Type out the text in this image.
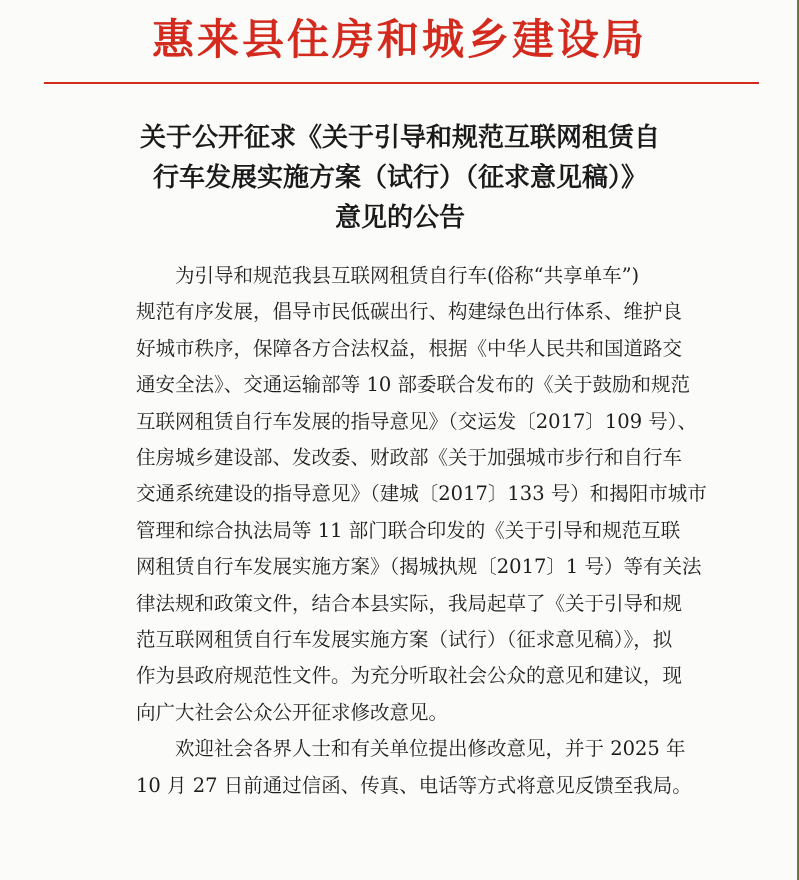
惠来县住房和城乡建设局
关于公开征求《关于引导和规范互联网租赁自
行车发展实施方案（试行）（征求意见稿）》
意见的公告

　　为引导和规范我县互联网租赁自行车(俗称“共享单车”)
规范有序发展，倡导市民低碳出行、构建绿色出行体系、维护良
好城市秩序，保障各方合法权益，根据《中华人民共和国道路交
通安全法》、交通运输部等 10 部委联合发布的《关于鼓励和规范
互联网租赁自行车发展的指导意见》（交运发〔2017〕109 号）、
住房城乡建设部、发改委、财政部《关于加强城市步行和自行车
交通系统建设的指导意见》（建城〔2017〕133 号）和揭阳市城市
管理和综合执法局等 11 部门联合印发的《关于引导和规范互联
网租赁自行车发展实施方案》（揭城执规〔2017〕1 号）等有关法
律法规和政策文件，结合本县实际，我局起草了《关于引导和规
范互联网租赁自行车发展实施方案（试行）（征求意见稿）》，拟
作为县政府规范性文件。为充分听取社会公众的意见和建议，现
向广大社会公众公开征求修改意见。

　　欢迎社会各界人士和有关单位提出修改意见，并于 2025 年
10 月 27 日前通过信函、传真、电话等方式将意见反馈至我局。
